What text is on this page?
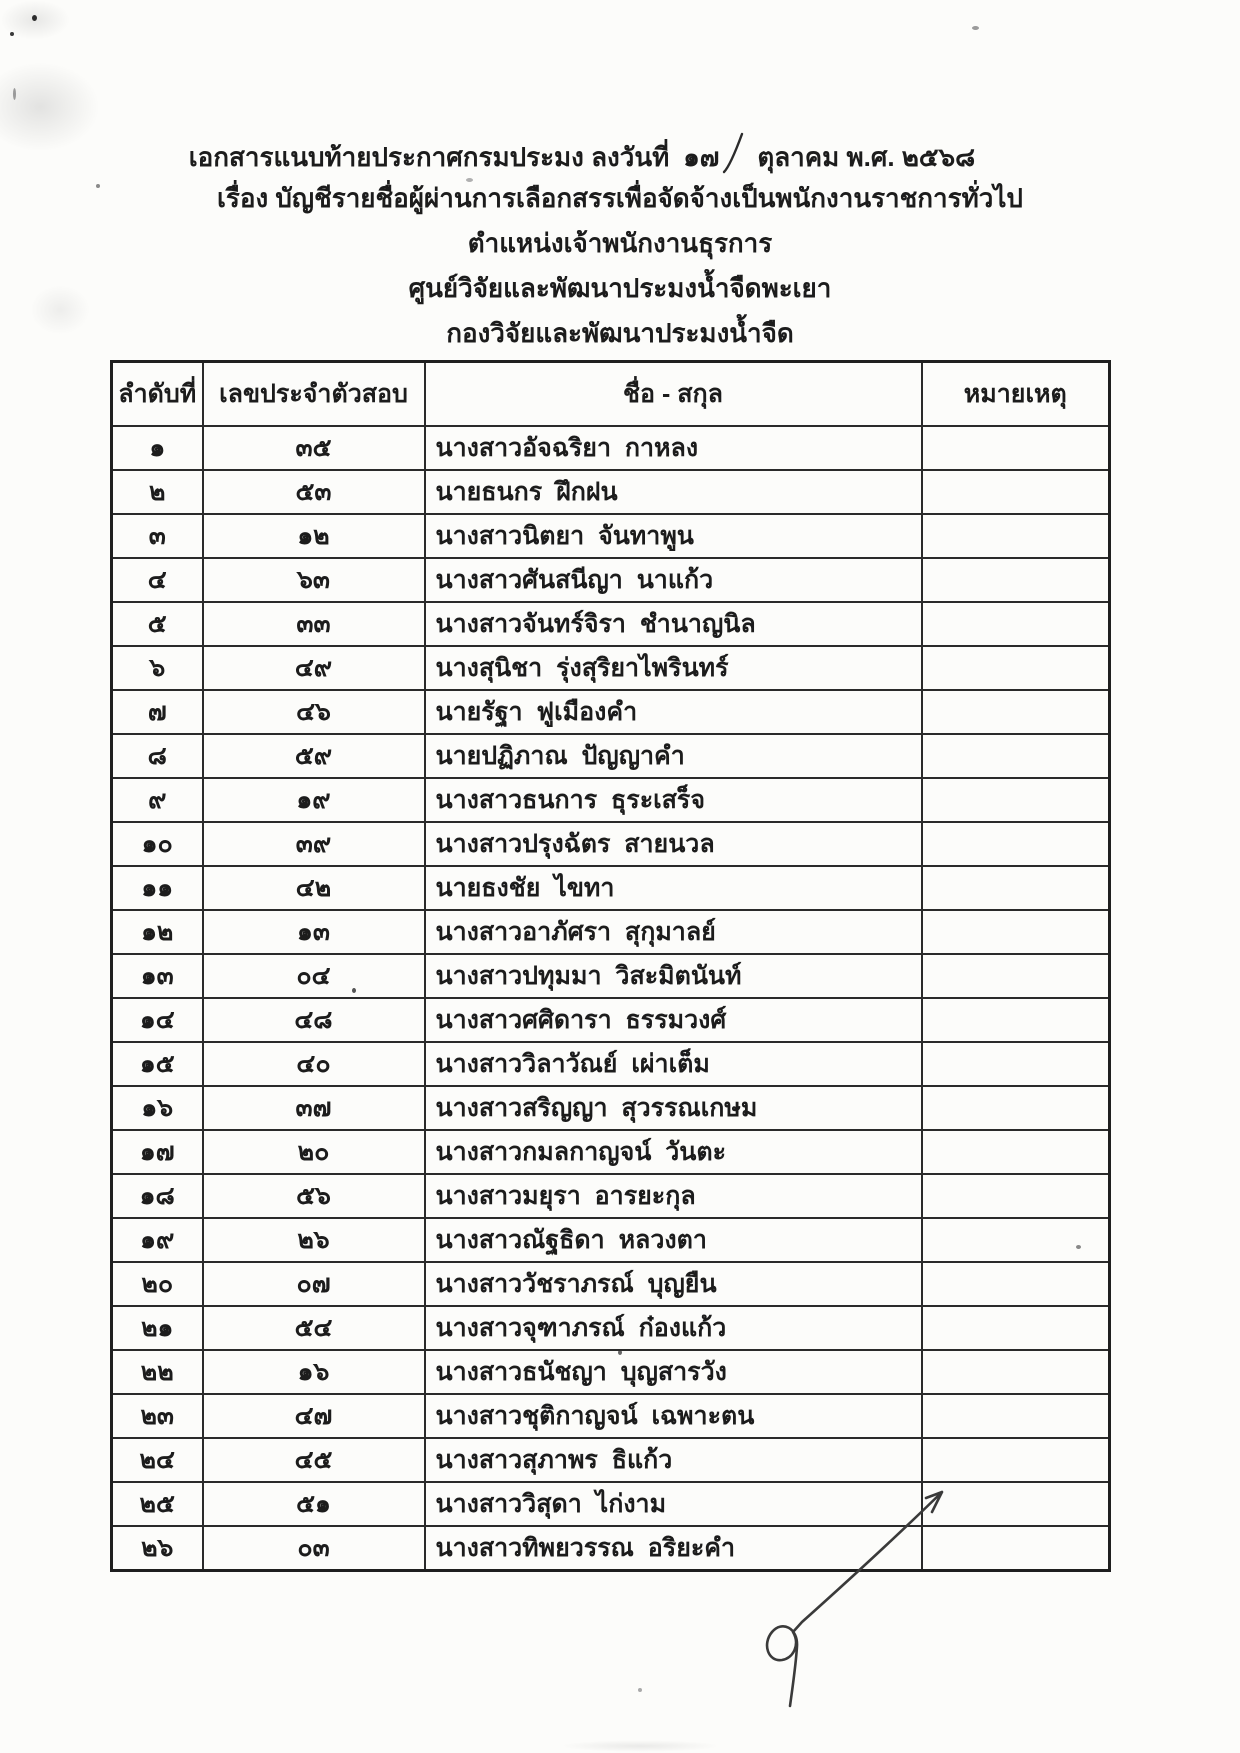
เอกสารแนบท้ายประกาศกรมประมง ลงวันที่ ๑๗ ตุลาคม พ.ศ. ๒๕๖๘
เรื่อง บัญชีรายชื่อผู้ผ่านการเลือกสรรเพื่อจัดจ้างเป็นพนักงานราชการทั่วไป
ตำแหน่งเจ้าพนักงานธุรการ
ศูนย์วิจัยและพัฒนาประมงน้ำจืดพะเยา
กองวิจัยและพัฒนาประมงน้ำจืด
ลำดับที่	เลขประจำตัวสอบ	ชื่อ - สกุล	หมายเหตุ
๑	๓๕	นางสาวอัจฉริยา  กาหลง	
๒	๕๓	นายธนกร  ฝึกฝน	
๓	๑๒	นางสาวนิตยา  จันทาพูน	
๔	๖๓	นางสาวศันสนีญา  นาแก้ว	
๕	๓๓	นางสาวจันทร์จิรา  ชำนาญนิล	
๖	๔๙	นางสุนิชา  รุ่งสุริยาไพรินทร์	
๗	๔๖	นายรัฐา  ฟูเมืองคำ	
๘	๕๙	นายปฏิภาณ  ปัญญาคำ	
๙	๑๙	นางสาวธนการ  ธุระเสร็จ	
๑๐	๓๙	นางสาวปรุงฉัตร  สายนวล	
๑๑	๔๒	นายธงชัย  ไขทา	
๑๒	๑๓	นางสาวอาภัศรา  สุกุมาลย์	
๑๓	๐๔	นางสาวปทุมมา  วิสะมิตนันท์	
๑๔	๔๘	นางสาวศศิดารา  ธรรมวงศ์	
๑๕	๔๐	นางสาววิลาวัณย์  เผ่าเต็ม	
๑๖	๓๗	นางสาวสริญญา  สุวรรณเกษม	
๑๗	๒๐	นางสาวกมลกาญจน์  วันตะ	
๑๘	๕๖	นางสาวมยุรา  อารยะกุล	
๑๙	๒๖	นางสาวณัฐธิดา  หลวงตา	
๒๐	๐๗	นางสาววัชราภรณ์  บุญยืน	
๒๑	๕๔	นางสาวจุฑาภรณ์  ก๋องแก้ว	
๒๒	๑๖	นางสาวธนัชญา  บุญสารวัง	
๒๓	๔๗	นางสาวชุติกาญจน์  เฉพาะตน	
๒๔	๔๕	นางสาวสุภาพร  ธิแก้ว	
๒๕	๕๑	นางสาววิสุดา  ไก่งาม	
๒๖	๐๓	นางสาวทิพยวรรณ  อริยะคำ	
